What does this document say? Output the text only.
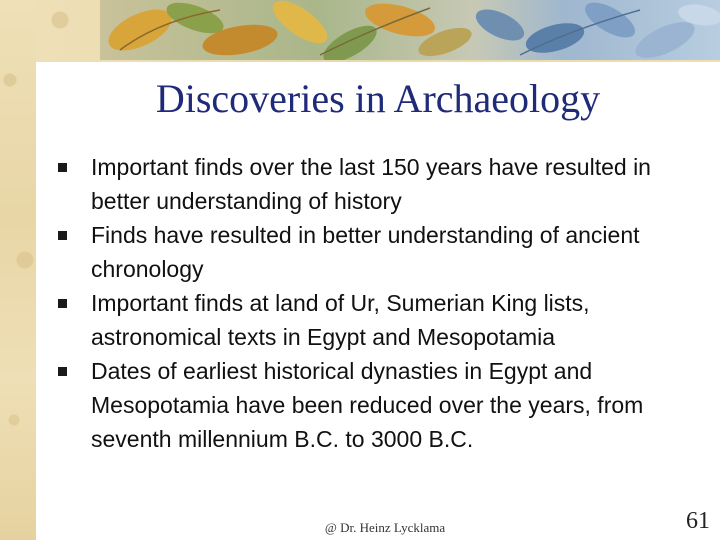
Discoveries in Archaeology
Important finds over the last 150 years have resulted in better understanding of history
Finds have resulted in better understanding of ancient chronology
Important finds at land of Ur, Sumerian King lists, astronomical texts in Egypt and Mesopotamia
Dates of earliest historical dynasties in Egypt and Mesopotamia have been reduced over the years, from seventh millennium B.C. to 3000 B.C.
@ Dr. Heinz Lycklama	61
